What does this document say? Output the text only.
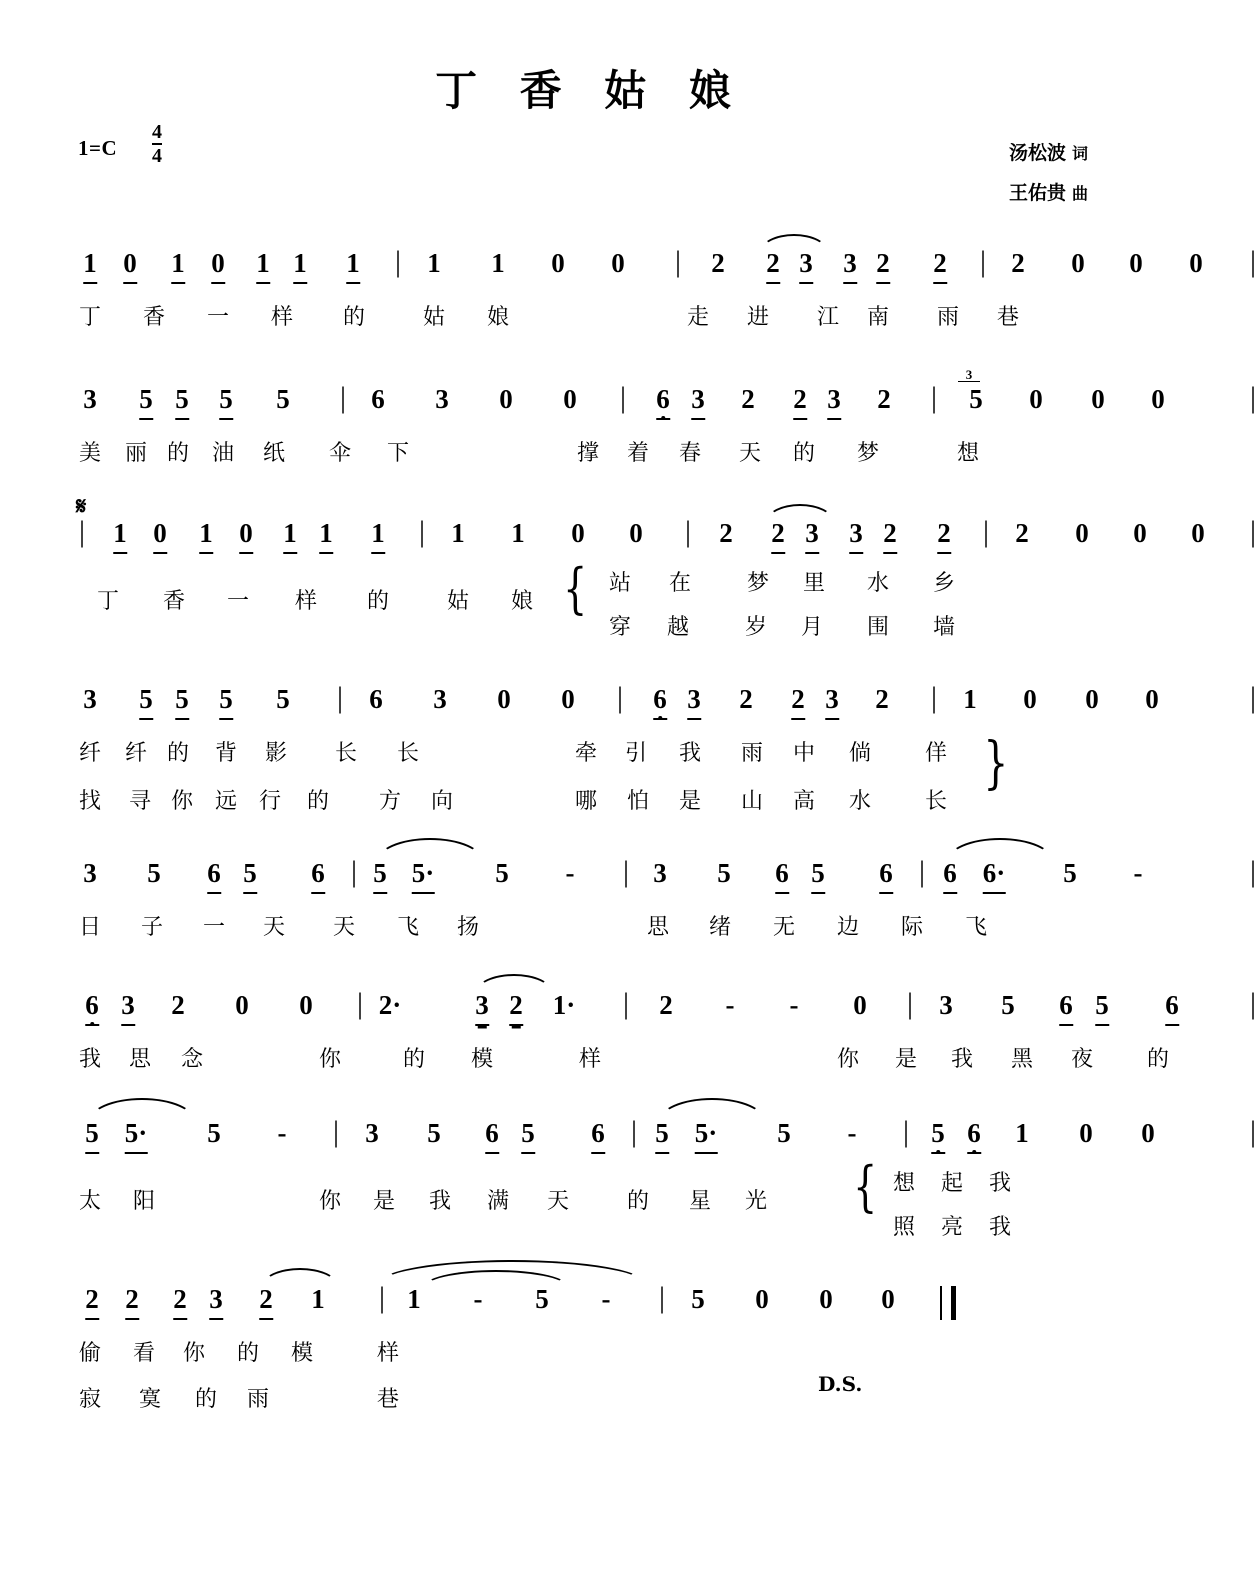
丁 香 姑 娘
$1=C \frac{4}{4}$	汤松波 词
王佑贵 曲
1 0 1 0 1 1 1 | 1 1 0 0 | 2 2 3 3 2 2 | 2 0 0 0 |
丁 香 一 样 的	姑 娘	走 进 江 南 雨 巷
3 5 5 5 5 | 6 3 0 0 | 6 3 2 2 3 2 |
3

5 0 0 0	|
美 丽 的 油 纸 伞 下	撑 着 春 天 的 梦	想
𝄋
| 1 0 1 0 1 1 1 | 1 1 0 0 | 2 2 3 3 2 2 | 2 0 0 0 |
丁 香 一 样 的	姑 娘 { 站 在	梦 里 水 乡
穿 越	岁 月 围 墙
3 5 5 5 5 | 6 3 0 0 | 6 3 2 2 3 2 | 1 0 0 0	|
纤 纤 的 背 影 长 长	牵 引 我 雨 中 倘 佯
找 寻 你 远 行 的 方 向	哪 怕 是 山 高 水 长
}
3 5 6 5 6 | 5 5· 5 - | 3 5 6 5 6 | 6 6· 5 -	|
日 子 一 天 天 飞 扬	思 绪 无 边 际 飞
6 3 2 0 0 | 2·	3 2 1· | 2 - - 0 | 3 5 6 5 6 |
我 思 念	你	的 模	样	你 是 我 黑 夜 的
5 5· 5 - | 3 5 6 5 6 | 5 5· 5 - | 5 6 1 0 0	|
太 阳	你 是 我 满 天	的 星 光 { 想 起 我
照 亮 我
2 2 2 3 2 1 | 1 - 5 - | 5 0 0 0
偷 看 你 的 模	样
寂 寞 的 雨	巷
D.S.
